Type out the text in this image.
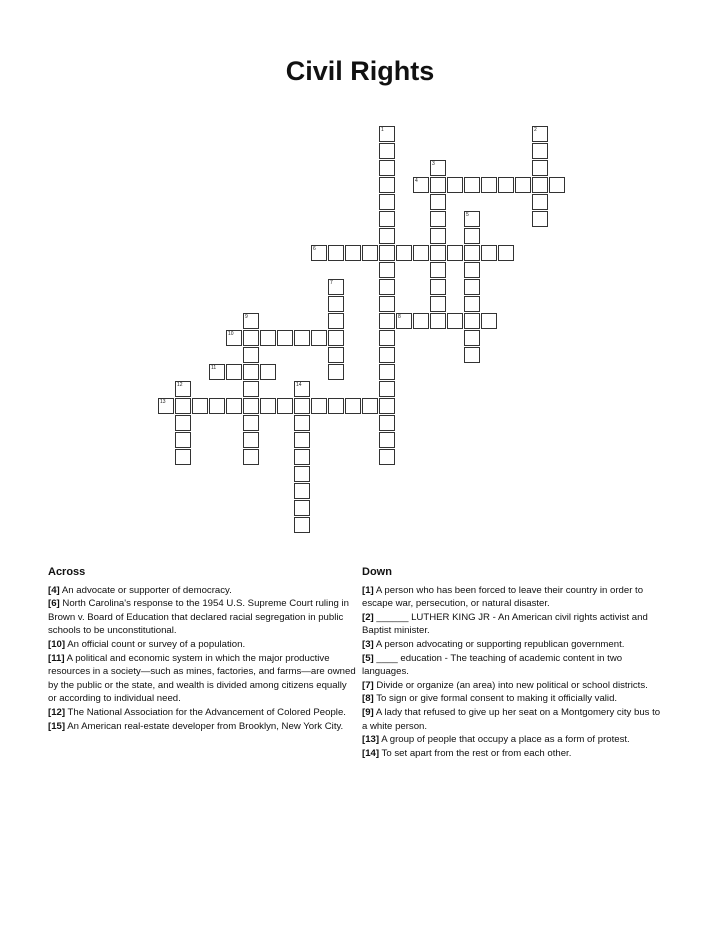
Civil Rights
1	2
3
4
5
6
7
8
9
10
11
12
13
14
Across

[4] An advocate or supporter of democracy.

[6] North Carolina's response to the 1954 U.S. Supreme Court ruling in Brown v. Board of Education that declared racial segregation in public schools to be unconstitutional.

[10] An official count or survey of a population.

[11] A political and economic system in which the major productive resources in a society—such as mines, factories, and farms—are owned by the public or the state, and wealth is divided among citizens equally or according to individual need.

[12] The National Association for the Advancement of Colored People.

[15] An American real-estate developer from Brooklyn, New York City.

Down

[1] A person who has been forced to leave their country in order to escape war, persecution, or natural disaster.

[2] ______ LUTHER KING JR - An American civil rights activist and Baptist minister.

[3] A person advocating or supporting republican government.

[5] ____ education - The teaching of academic content in two languages.

[7] Divide or organize (an area) into new political or school districts.

[8] To sign or give formal consent to making it officially valid.

[9] A lady that refused to give up her seat on a Montgomery city bus to a white person.

[13] A group of people that occupy a place as a form of protest.

[14] To set apart from the rest or from each other.
